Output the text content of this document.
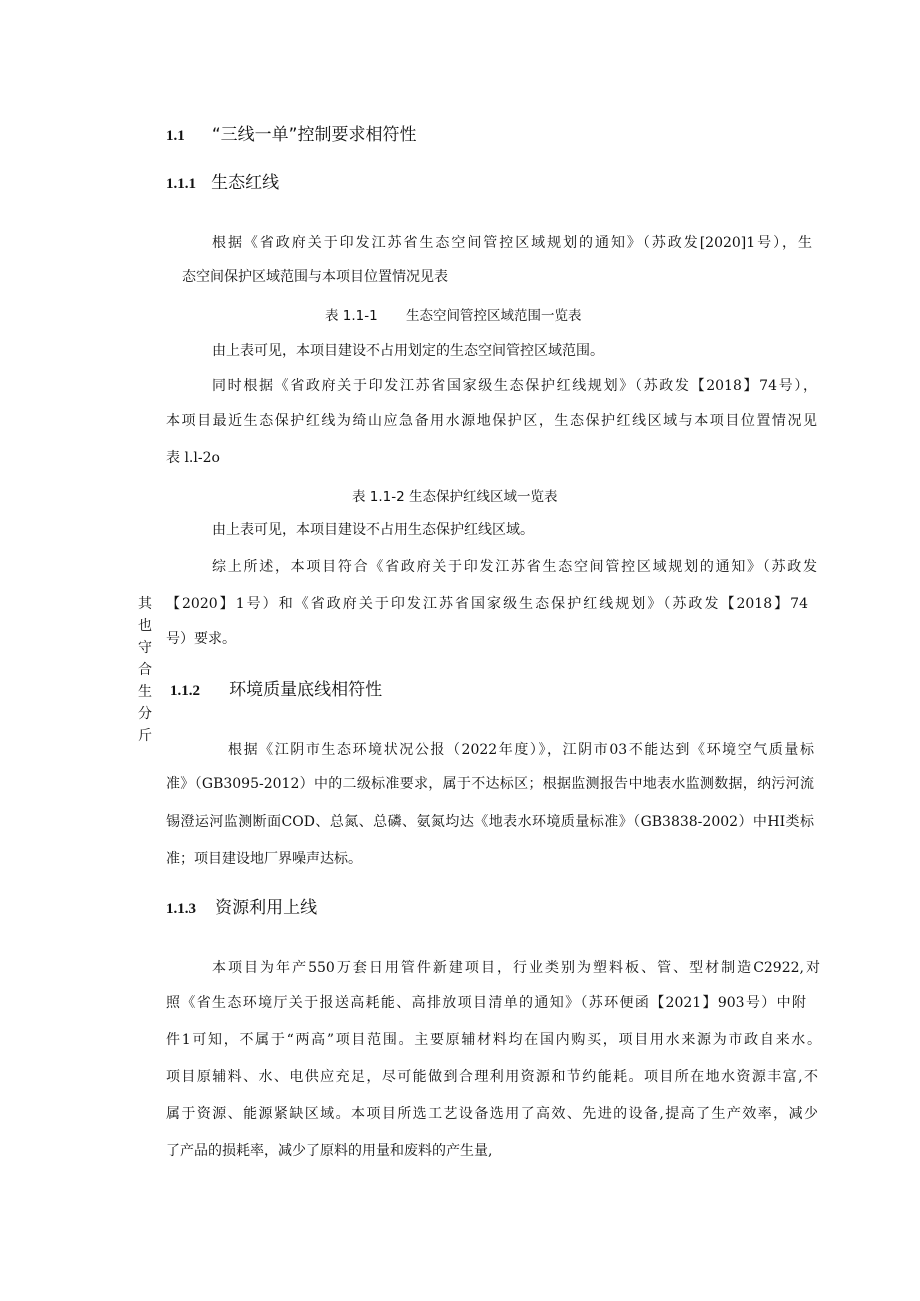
1.1 “三线一单”控制要求相符性
1.1.1 生态红线
根据《省政府关于印发江苏省生态空间管控区域规划的通知》（苏政发[2020]1号），生
态空间保护区域范围与本项目位置情况见表
表 1.1-1 生态空间管控区域范围一览表
由上表可见，本项目建设不占用划定的生态空间管控区域范围。
同时根据《省政府关于印发江苏省国家级生态保护红线规划》（苏政发【2018】74号），
本项目最近生态保护红线为绮山应急备用水源地保护区，生态保护红线区域与本项目位置情况见
表 l.l-2o
表 1.1-2 生态保护红线区域一览表
由上表可见，本项目建设不占用生态保护红线区域。
综上所述，本项目符合《省政府关于印发江苏省生态空间管控区域规划的通知》（苏政发
【2020】1号）和《省政府关于印发江苏省国家级生态保护红线规划》（苏政发【2018】74
号）要求。
其也守合生分斤
1.1.2 环境质量底线相符性
根据《江阴市生态环境状况公报（2022年度）》，江阴市03不能达到《环境空气质量标
准》（GB3095-2012）中的二级标准要求，属于不达标区；根据监测报告中地表水监测数据，纳污河流
锡澄运河监测断面COD、总氮、总磷、氨氮均达《地表水环境质量标准》（GB3838-2002）中HI类标
准；项目建设地厂界噪声达标。
1.1.3 资源利用上线
本项目为年产550万套日用管件新建项目，行业类别为塑料板、管、型材制造C2922,对
照《省生态环境厅关于报送高耗能、高排放项目清单的通知》（苏环便函【2021】903号）中附
件1可知，不属于“两高”项目范围。主要原辅材料均在国内购买，项目用水来源为市政自来水。
项目原辅料、水、电供应充足，尽可能做到合理利用资源和节约能耗。项目所在地水资源丰富,不
属于资源、能源紧缺区域。本项目所选工艺设备选用了高效、先进的设备,提高了生产效率，减少
了产品的损耗率，减少了原料的用量和废料的产生量,
